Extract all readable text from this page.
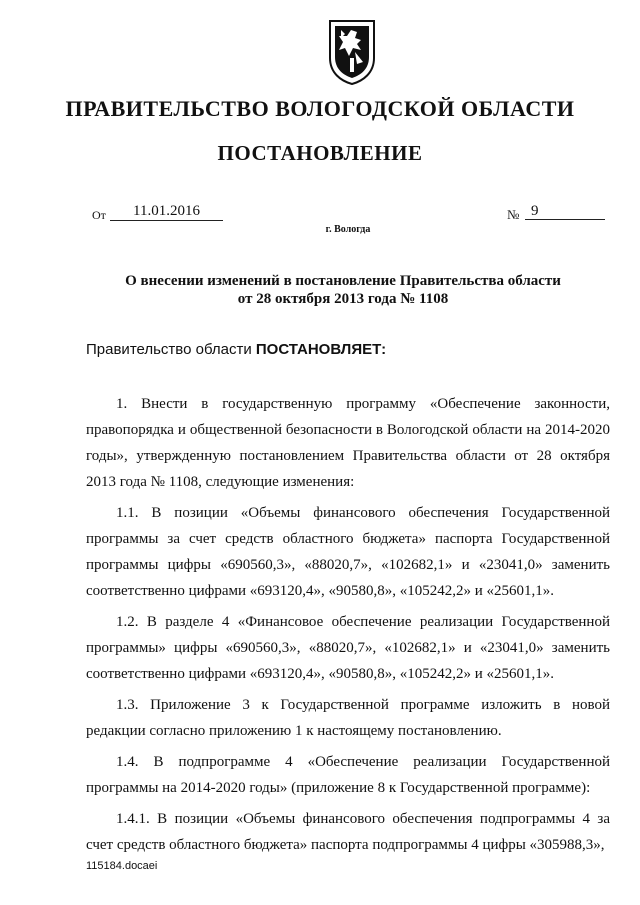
ПРАВИТЕЛЬСТВО ВОЛОГОДСКОЙ ОБЛАСТИ
ПОСТАНОВЛЕНИЕ
От	11.01.2016
г. Вологда
№ 9
О внесении изменений в постановление Правительства области
от 28 октября 2013 года № 1108
Правительство области ПОСТАНОВЛЯЕТ:

1. Внести в государственную программу «Обеспечение законности, правопорядка и общественной безопасности в Вологодской области на 2014-2020 годы», утвержденную постановлением Правительства области от 28 октября 2013 года № 1108, следующие изменения:

1.1. В позиции «Объемы финансового обеспечения Государственной программы за счет средств областного бюджета» паспорта Государственной программы цифры «690560,3», «88020,7», «102682,1» и «23041,0» заменить соответственно цифрами «693120,4», «90580,8», «105242,2» и «25601,1».

1.2. В разделе 4 «Финансовое обеспечение реализации Государственной программы» цифры «690560,3», «88020,7», «102682,1» и «23041,0» заменить соответственно цифрами «693120,4», «90580,8», «105242,2» и «25601,1».

1.3. Приложение 3 к Государственной программе изложить в новой редакции согласно приложению 1 к настоящему постановлению.

1.4. В подпрограмме 4 «Обеспечение реализации Государственной программы на 2014-2020 годы» (приложение 8 к Государственной программе):

1.4.1. В позиции «Объемы финансового обеспечения подпрограммы 4 за счет средств областного бюджета» паспорта подпрограммы 4 цифры «305988,3»,

115184.docaei
